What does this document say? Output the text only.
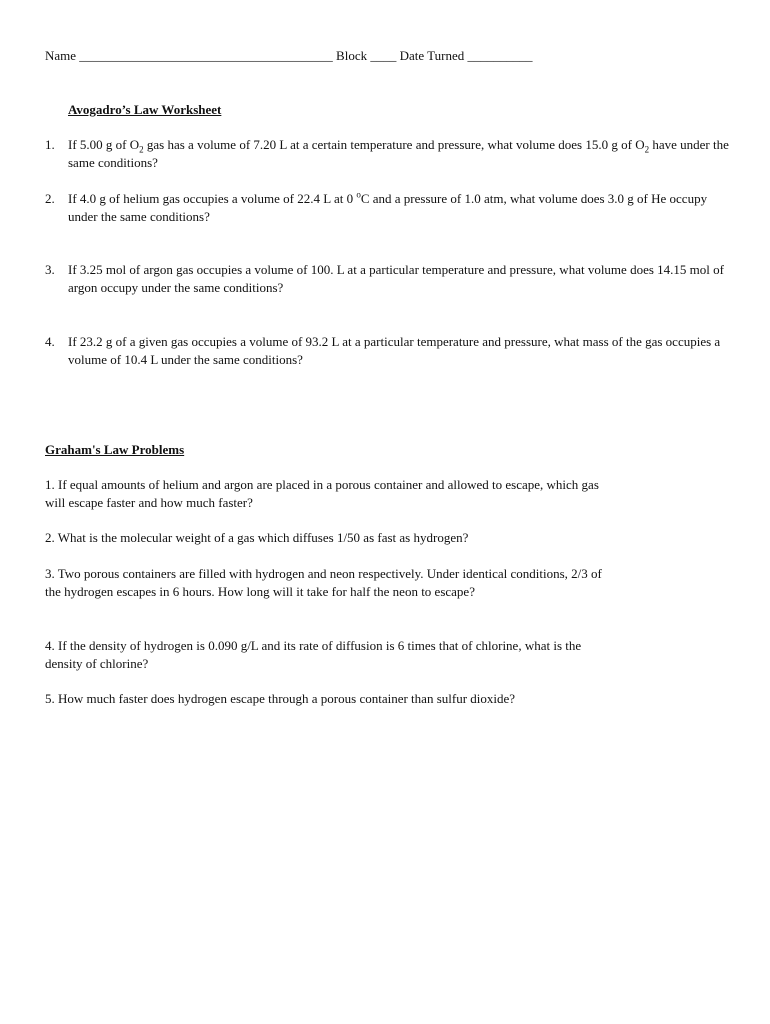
Name _______________________________________ Block ____ Date Turned __________
Avogadro’s Law Worksheet
1. If 5.00 g of $O_2$ gas has a volume of 7.20 L at a certain temperature and pressure, what volume does 15.0 g of $O_2$ have under the same conditions?
2. If 4.0 g of helium gas occupies a volume of 22.4 L at 0 $^o$C and a pressure of 1.0 atm, what volume does 3.0 g of He occupy under the same conditions?
3. If 3.25 mol of argon gas occupies a volume of 100. L at a particular temperature and pressure, what volume does 14.15 mol of argon occupy under the same conditions?
4. If 23.2 g of a given gas occupies a volume of 93.2 L at a particular temperature and pressure, what mass of the gas occupies a volume of 10.4 L under the same conditions?
Graham's Law Problems
1. If equal amounts of helium and argon are placed in a porous container and allowed to escape, which gas will escape faster and how much faster?
2. What is the molecular weight of a gas which diffuses 1/50 as fast as hydrogen?
3. Two porous containers are filled with hydrogen and neon respectively. Under identical conditions, 2/3 of the hydrogen escapes in 6 hours. How long will it take for half the neon to escape?
4. If the density of hydrogen is 0.090 g/L and its rate of diffusion is 6 times that of chlorine, what is the density of chlorine?
5. How much faster does hydrogen escape through a porous container than sulfur dioxide?
